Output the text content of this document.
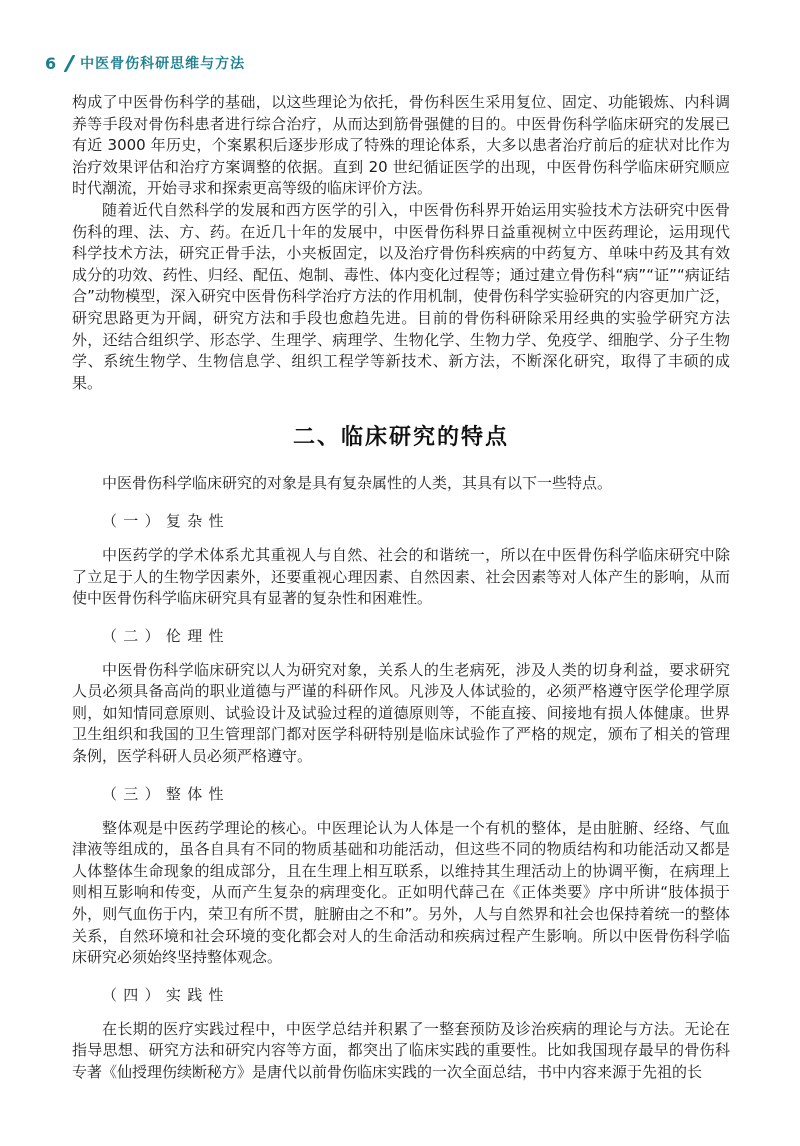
6 中医骨伤科研思维与方法

构成了中医骨伤科学的基础，以这些理论为依托，骨伤科医生采用复位、固定、功能锻炼、内科调养等手段对骨伤科患者进行综合治疗，从而达到筋骨强健的目的。中医骨伤科学临床研究的发展已有近 3000 年历史，个案累积后逐步形成了特殊的理论体系，大多以患者治疗前后的症状对比作为治疗效果评估和治疗方案调整的依据。直到 20 世纪循证医学的出现，中医骨伤科学临床研究顺应时代潮流，开始寻求和探索更高等级的临床评价方法。

随着近代自然科学的发展和西方医学的引入，中医骨伤科界开始运用实验技术方法研究中医骨伤科的理、法、方、药。在近几十年的发展中，中医骨伤科界日益重视树立中医药理论，运用现代科学技术方法，研究正骨手法，小夹板固定，以及治疗骨伤科疾病的中药复方、单味中药及其有效成分的功效、药性、归经、配伍、炮制、毒性、体内变化过程等；通过建立骨伤科“病”“证”“病证结合”动物模型，深入研究中医骨伤科学治疗方法的作用机制，使骨伤科学实验研究的内容更加广泛，研究思路更为开阔，研究方法和手段也愈趋先进。目前的骨伤科研除采用经典的实验学研究方法外，还结合组织学、形态学、生理学、病理学、生物化学、生物力学、免疫学、细胞学、分子生物学、系统生物学、生物信息学、组织工程学等新技术、新方法，不断深化研究，取得了丰硕的成果。

二、临床研究的特点

中医骨伤科学临床研究的对象是具有复杂属性的人类，其具有以下一些特点。

（一）复杂性

中医药学的学术体系尤其重视人与自然、社会的和谐统一，所以在中医骨伤科学临床研究中除了立足于人的生物学因素外，还要重视心理因素、自然因素、社会因素等对人体产生的影响，从而使中医骨伤科学临床研究具有显著的复杂性和困难性。

（二）伦理性

中医骨伤科学临床研究以人为研究对象，关系人的生老病死，涉及人类的切身利益，要求研究人员必须具备高尚的职业道德与严谨的科研作风。凡涉及人体试验的，必须严格遵守医学伦理学原则，如知情同意原则、试验设计及试验过程的道德原则等，不能直接、间接地有损人体健康。世界卫生组织和我国的卫生管理部门都对医学科研特别是临床试验作了严格的规定，颁布了相关的管理条例，医学科研人员必须严格遵守。

（三）整体性

整体观是中医药学理论的核心。中医理论认为人体是一个有机的整体，是由脏腑、经络、气血津液等组成的，虽各自具有不同的物质基础和功能活动，但这些不同的物质结构和功能活动又都是人体整体生命现象的组成部分，且在生理上相互联系，以维持其生理活动上的协调平衡，在病理上则相互影响和传变，从而产生复杂的病理变化。正如明代薛己在《正体类要》序中所讲“肢体损于外，则气血伤于内，荣卫有所不贯，脏腑由之不和”。另外，人与自然界和社会也保持着统一的整体关系，自然环境和社会环境的变化都会对人的生命活动和疾病过程产生影响。所以中医骨伤科学临床研究必须始终坚持整体观念。

（四）实践性

在长期的医疗实践过程中，中医学总结并积累了一整套预防及诊治疾病的理论与方法。无论在指导思想、研究方法和研究内容等方面，都突出了临床实践的重要性。比如我国现存最早的骨伤科专著《仙授理伤续断秘方》是唐代以前骨伤临床实践的一次全面总结，书中内容来源于先祖的长
